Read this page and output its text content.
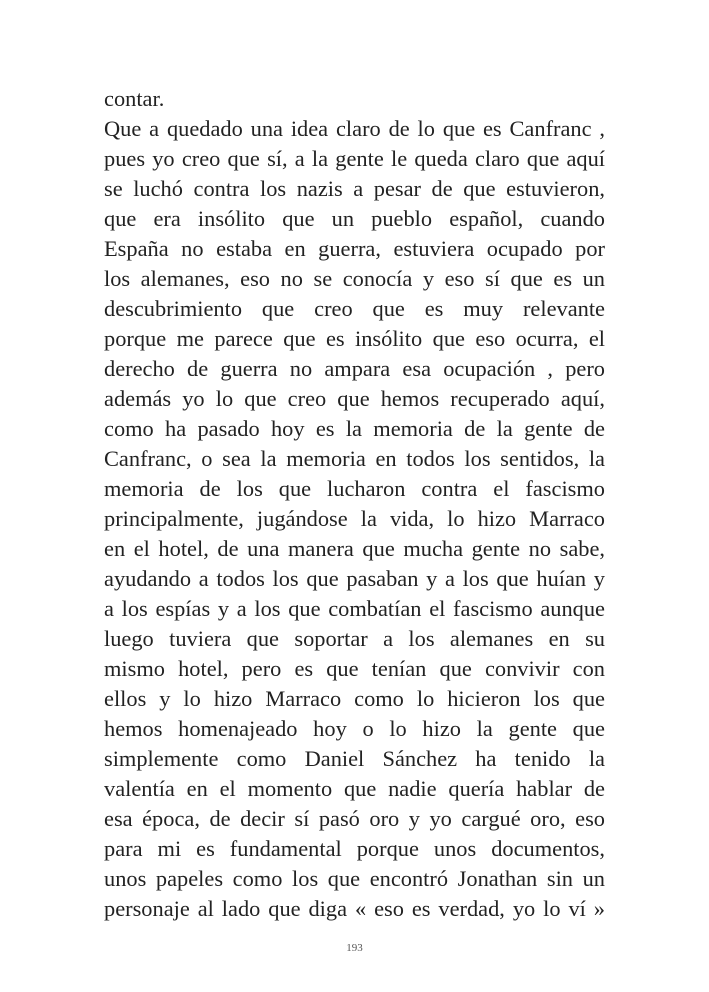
contar.
Que a quedado una idea claro de lo que es Canfranc ,
pues yo creo que sí, a la gente le queda claro que aquí
se luchó contra los nazis a pesar de que estuvieron,
que era insólito que un pueblo español, cuando
España no estaba en guerra, estuviera ocupado por
los alemanes, eso no se conocía y eso sí que es un
descubrimiento que creo que es muy relevante
porque me parece que es insólito que eso ocurra, el
derecho de guerra no ampara esa ocupación , pero
además yo lo que creo que hemos recuperado aquí,
como ha pasado hoy es la memoria de la gente de
Canfranc, o sea la memoria en todos los sentidos, la
memoria de los que lucharon contra el fascismo
principalmente, jugándose la vida, lo hizo Marraco
en el hotel, de una manera que mucha gente no sabe,
ayudando a todos los que pasaban y a los que huían y
a los espías y a los que combatían el fascismo aunque
luego tuviera que soportar a los alemanes en su
mismo hotel, pero es que tenían que convivir con
ellos y lo hizo Marraco como lo hicieron los que
hemos homenajeado hoy o lo hizo la gente que
simplemente como Daniel Sánchez ha tenido la
valentía en el momento que nadie quería hablar de
esa época, de decir sí pasó oro y yo cargué oro, eso
para mi es fundamental porque unos documentos,
unos papeles como los que encontró Jonathan sin un
personaje al lado que diga « eso es verdad, yo lo ví »
193
